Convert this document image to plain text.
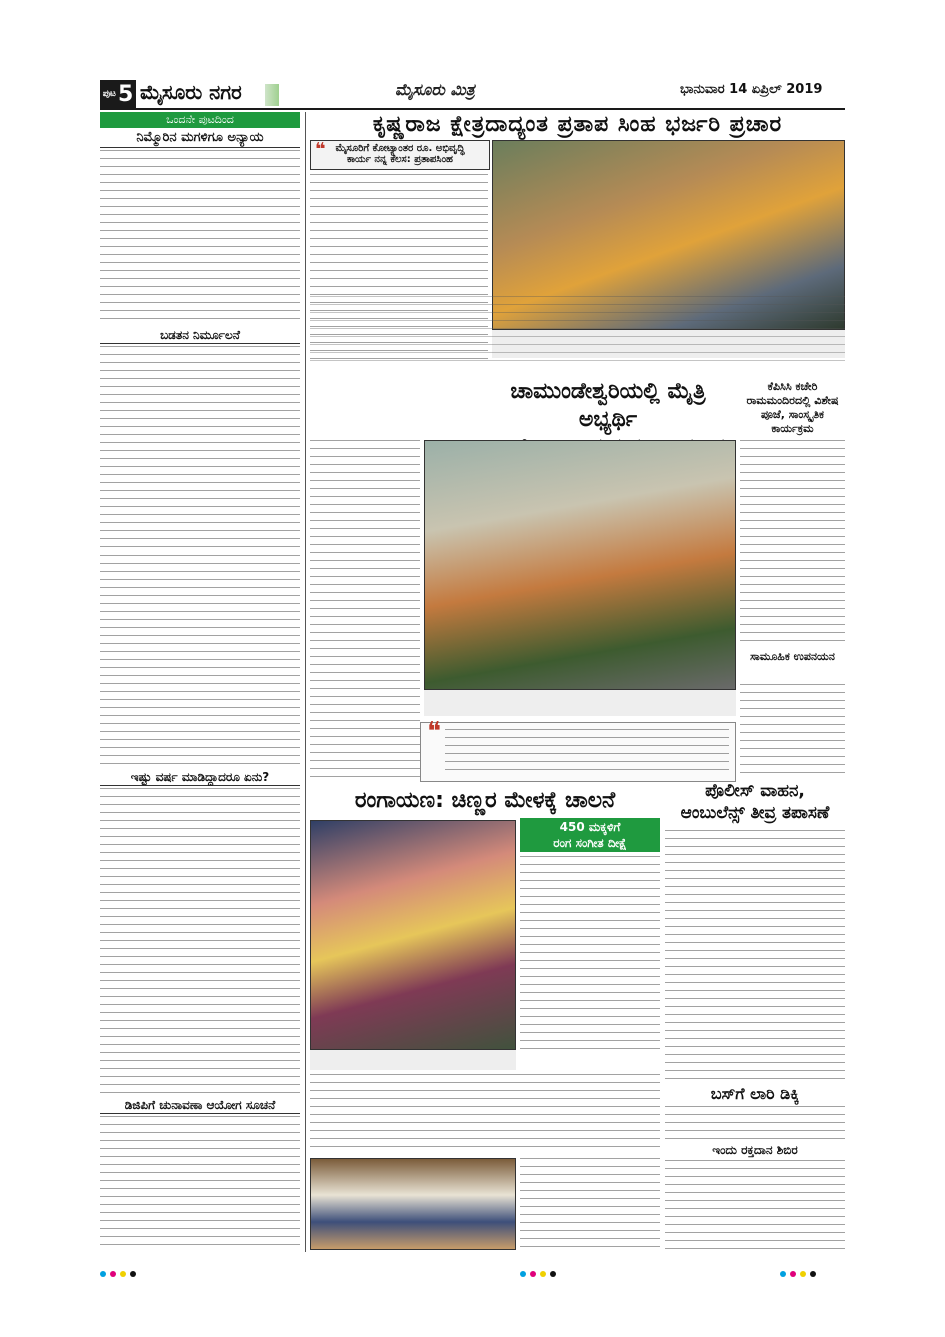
ಪುಟ 5 ಮೈಸೂರು ನಗರ	ಮೈಸೂರು ಮಿತ್ರ	ಭಾನುವಾರ 14 ಏಪ್ರಿಲ್ 2019
ಒಂದನೇ ಪುಟದಿಂದ
ನಿಮ್ಮೊರಿನ ಮಗಳಿಗೂ ಅನ್ಯಾಯ
ಬಡತನ ನಿರ್ಮೂಲನೆ
ಇಷ್ಟು ವರ್ಷ ಮಾಡಿದ್ದಾದರೂ ಏನು?
ಡಿಜಿಪಿಗೆ ಚುನಾವಣಾ ಆಯೋಗ ಸೂಚನೆ
ಕೃಷ್ಣರಾಜ ಕ್ಷೇತ್ರದಾದ್ಯಂತ ಪ್ರತಾಪ ಸಿಂಹ ಭರ್ಜರಿ ಪ್ರಚಾರ
❝ ಮೈಸೂರಿಗೆ ಕೋಟ್ಯಾಂತರ ರೂ. ಅಭಿವೃದ್ಧಿ
ಕಾರ್ಯ ನನ್ನ ಕೆಲಸ: ಪ್ರತಾಪಸಿಂಹ
ಚಾಮುಂಡೇಶ್ವರಿಯಲ್ಲಿ ಮೈತ್ರಿ ಅಭ್ಯರ್ಥಿ
❝
ಕೆಪಿಸಿಸಿ ಕಚೇರಿ ರಾಮಮಂದಿರದಲ್ಲಿ ವಿಶೇಷ ಪೂಜೆ, ಸಾಂಸ್ಕೃತಿಕ ಕಾರ್ಯಕ್ರಮ
ಸಾಮೂಹಿಕ ಉಪನಯನ
ರಂಗಾಯಣ: ಚಿಣ್ಣರ ಮೇಳಕ್ಕೆ ಚಾಲನೆ
450 ಮಕ್ಕಳಿಗೆ
ರಂಗ ಸಂಗೀತ ದೀಕ್ಷೆ
ಪೊಲೀಸ್ ವಾಹನ,
ಆಂಬುಲೆನ್ಸ್ ತೀವ್ರ ತಪಾಸಣೆ
ಬಸ್‌ಗೆ ಲಾರಿ ಡಿಕ್ಕಿ
ಇಂದು ರಕ್ತದಾನ ಶಿಬಿರ
